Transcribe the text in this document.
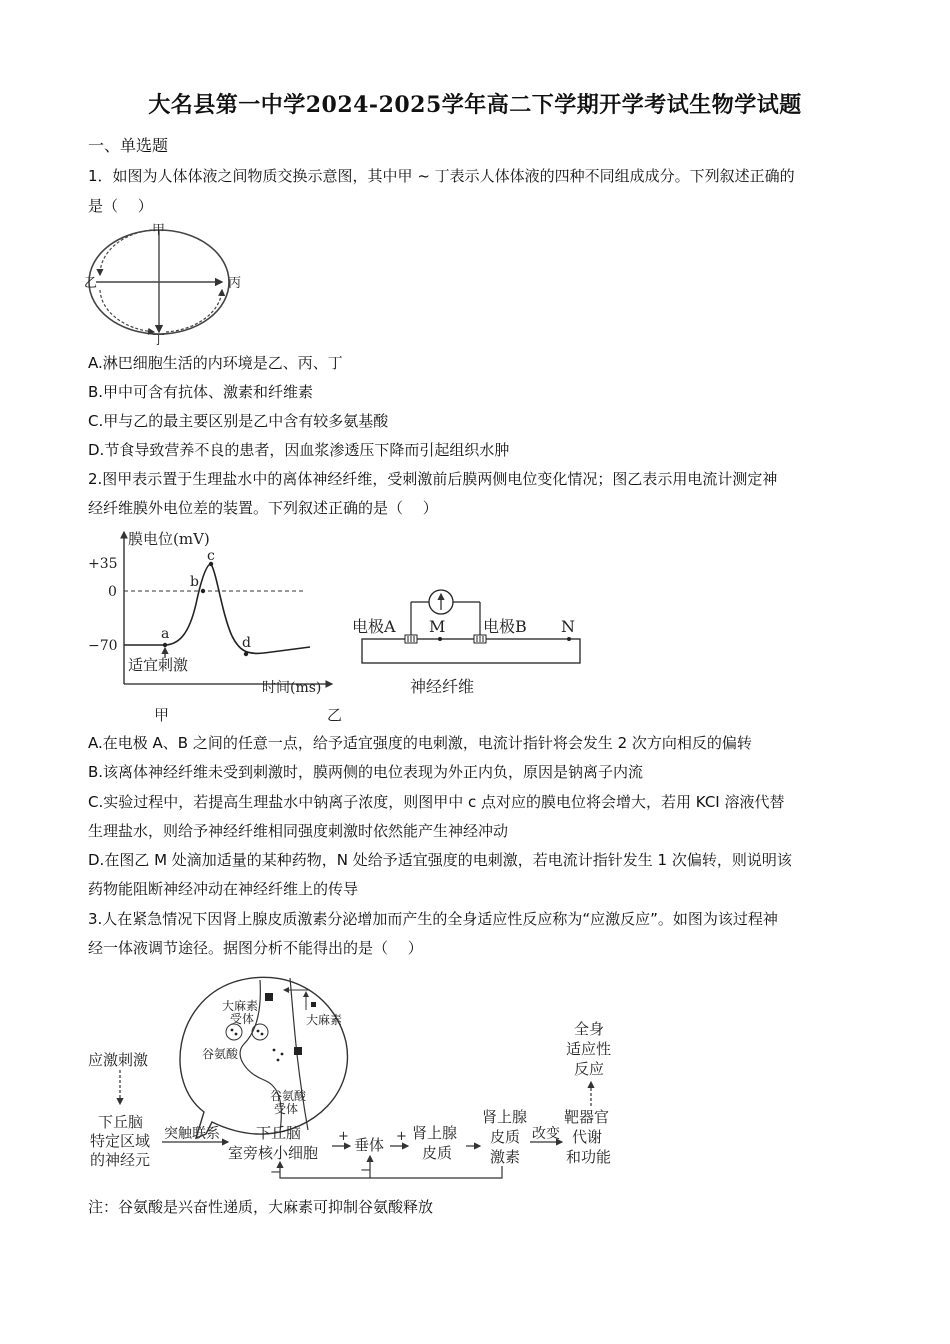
大名县第一中学2024-2025学年高二下学期开学考试生物学试题
一、单选题
1．如图为人体体液之间物质交换示意图，其中甲 ~ 丁表示人体体液的四种不同组成成分。下列叙述正确的
是（　 ）
甲
乙	丙
丁
A.淋巴细胞生活的内环境是乙、丙、丁
B.甲中可含有抗体、激素和纤维素
C.甲与乙的最主要区别是乙中含有较多氨基酸
D.节食导致营养不良的患者，因血浆渗透压下降而引起组织水肿
2.图甲表示置于生理盐水中的离体神经纤维，受刺激前后膜两侧电位变化情况；图乙表示用电流计测定神
经纤维膜外电位差的装置。下列叙述正确的是（　 ）
膜电位(mV)
+35
0
−70
a
b
c
d
适宜刺激
时间(ms)
甲
电极A M 电极B N
神经纤维
乙
A.在电极 A、B 之间的任意一点，给予适宜强度的电刺激，电流计指针将会发生 2 次方向相反的偏转
B.该离体神经纤维未受到刺激时，膜两侧的电位表现为外正内负，原因是钠离子内流
C.实验过程中，若提高生理盐水中钠离子浓度，则图甲中 c 点对应的膜电位将会增大，若用 KCI 溶液代替
生理盐水，则给予神经纤维相同强度刺激时依然能产生神经冲动
D.在图乙 M 处滴加适量的某种药物，N 处给予适宜强度的电刺激，若电流计指针发生 1 次偏转，则说明该
药物能阻断神经冲动在神经纤维上的传导
3.人在紧急情况下因肾上腺皮质激素分泌增加而产生的全身适应性反应称为“应激反应”。如图为该过程神
经一体液调节途径。据图分析不能得出的是（　 ）
大麻素
受体	大麻素
谷氨酸
谷氨酸
受体
应激刺激
下丘脑
特定区域
的神经元
突触联系 下丘脑
室旁核小细胞
+ 垂体 + 肾上腺
皮质
肾上腺
皮质
激素
改变
靶器官
代谢
和功能
全身
适应性
反应
−	−
注：谷氨酸是兴奋性递质，大麻素可抑制谷氨酸释放
